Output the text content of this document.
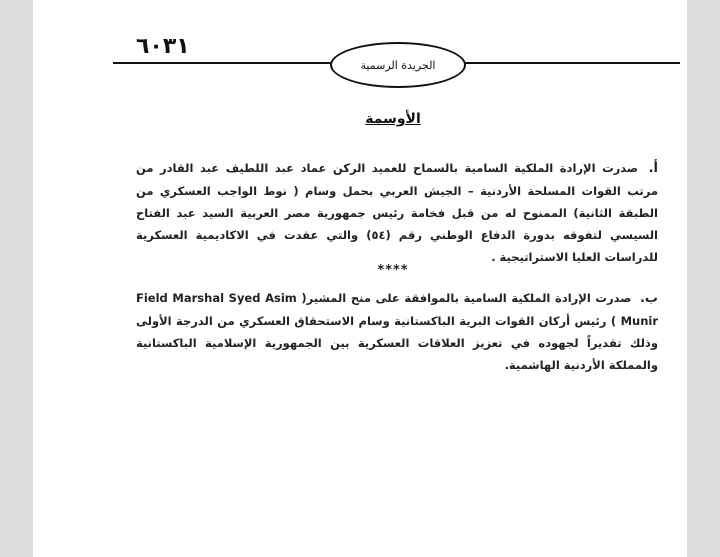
٦٠٣١
الجريدة الرسمية
الأوسمة
أ. صدرت الإرادة الملكية السامية بالسماح للعميد الركن عماد عبد اللطيف عبد القادر من مرتب القوات المسلحة الأردنية – الجيش العربي بحمل وسام ( نوط الواجب العسكري من الطبقة الثانية) الممنوح له من قبل فخامة رئيس جمهورية مصر العربية السيد عبد الفتاح السيسي لتفوقه بدورة الدفاع الوطني رقم (٥٤) والتي عقدت في الاكاديمية العسكرية للدراسات العليا الاستراتيجية .
****
ب. صدرت الإرادة الملكية السامية بالموافقة على منح المشير( Field Marshal Syed Asim Munir ) رئيس أركان القوات البرية الباكستانية وسام الاستحقاق العسكري من الدرجة الأولى وذلك تقديراً لجهوده في تعزيز العلاقات العسكرية بين الجمهورية الإسلامية الباكستانية والمملكة الأردنية الهاشمية.
